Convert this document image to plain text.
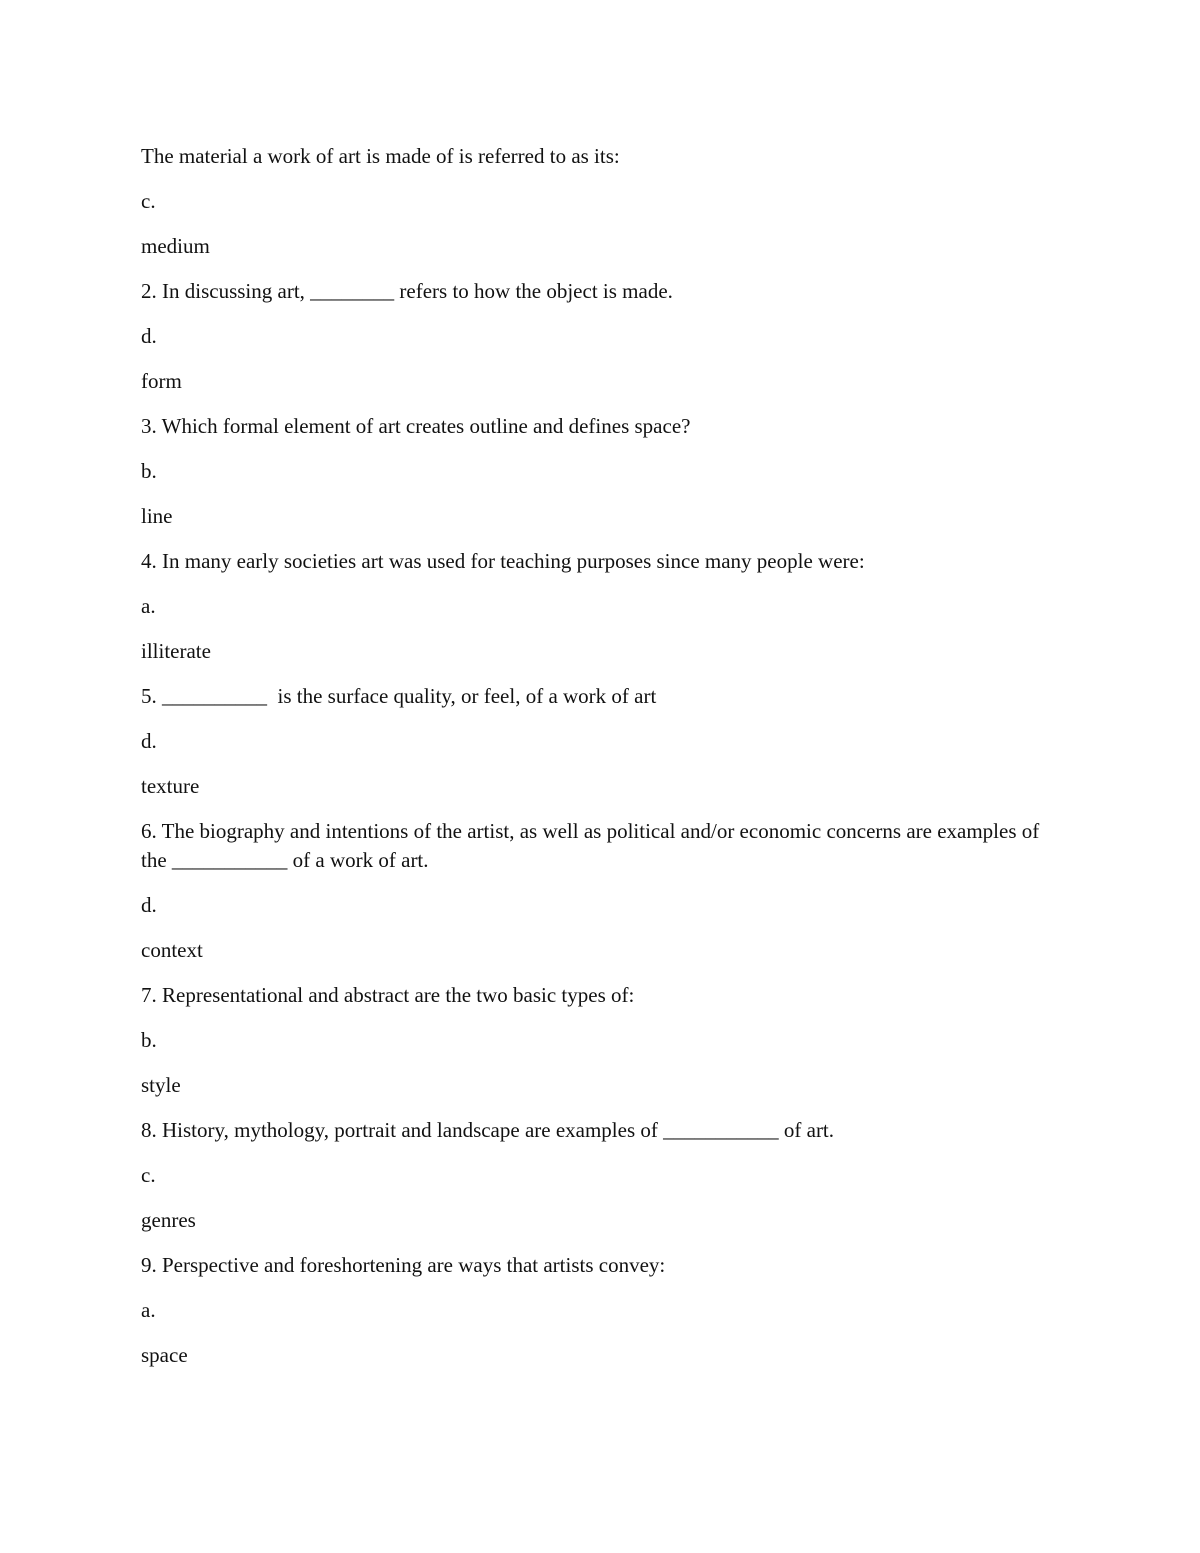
The material a work of art is made of is referred to as its:

c.

medium

2. In discussing art, ________ refers to how the object is made.

d.

form

3. Which formal element of art creates outline and defines space?

b.

line

4. In many early societies art was used for teaching purposes since many people were:

a.

illiterate

5. __________  is the surface quality, or feel, of a work of art

d.

texture

6. The biography and intentions of the artist, as well as political and/or economic concerns are examples of the ___________ of a work of art.

d.

context

7. Representational and abstract are the two basic types of:

b.

style

8. History, mythology, portrait and landscape are examples of ___________ of art.

c.

genres

9. Perspective and foreshortening are ways that artists convey:

a.

space
